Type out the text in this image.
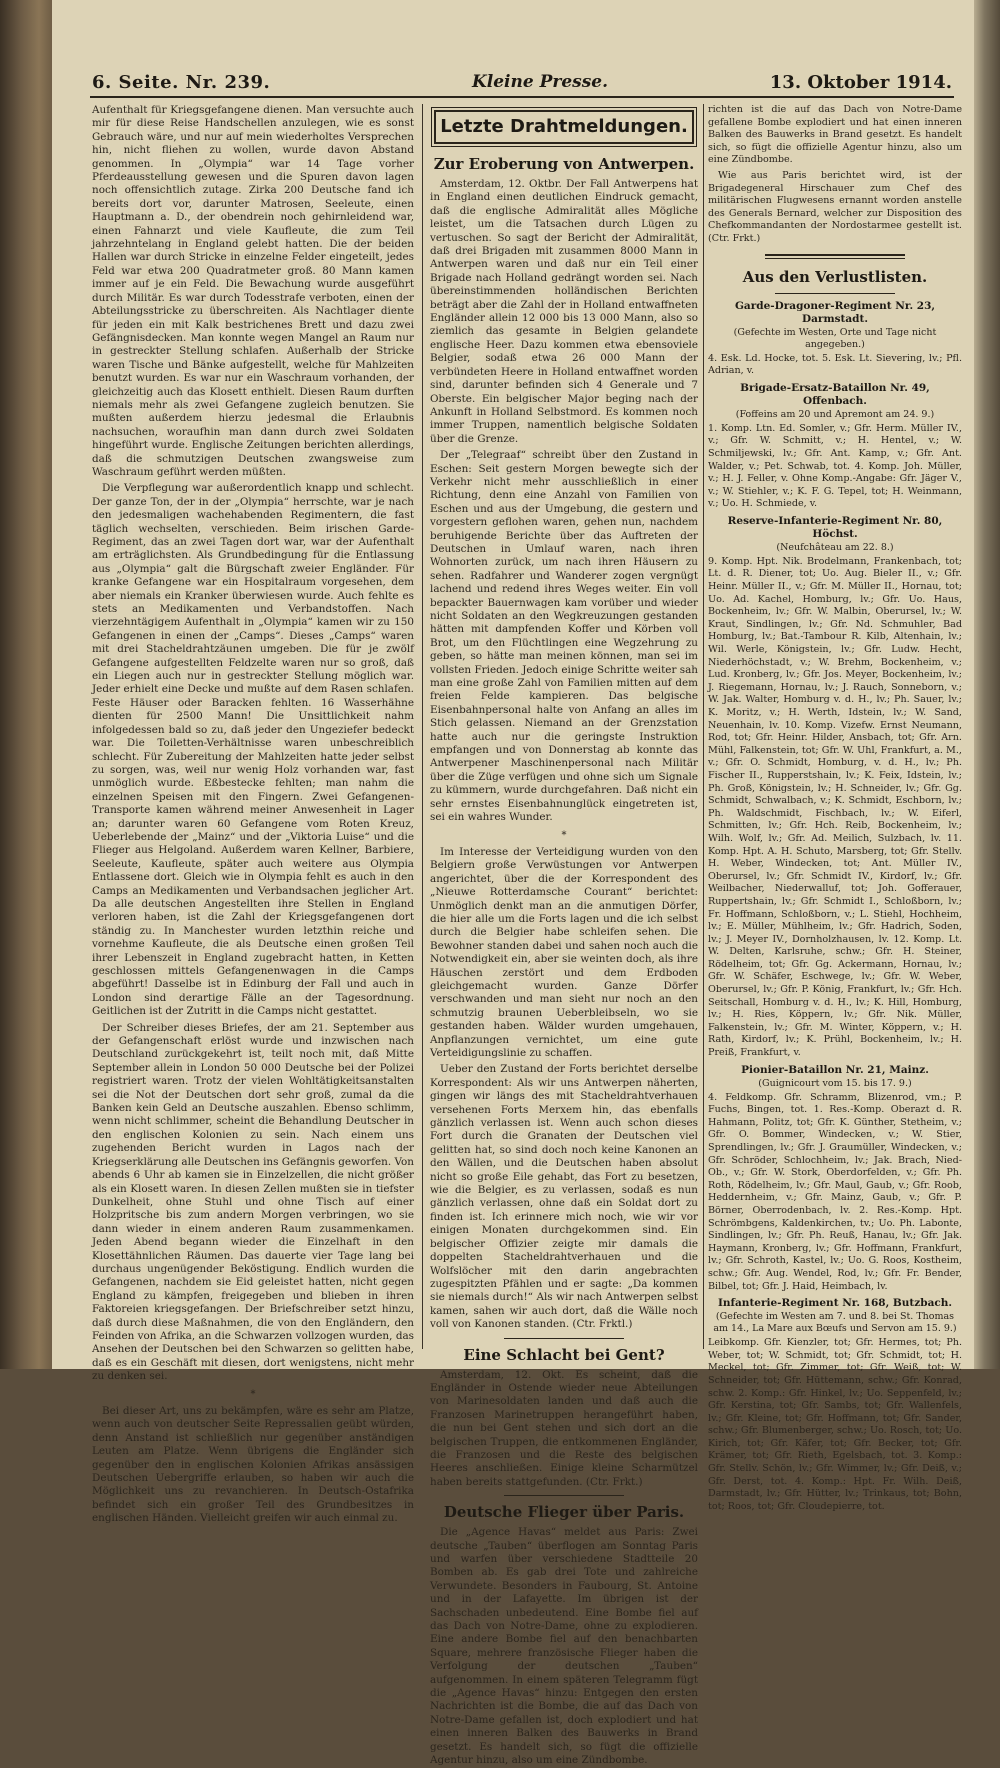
6. Seite. Nr. 239.	Kleine Presse.	13. Oktober 1914.

Aufenthalt für Kriegsgefangene dienen. Man versuchte auch mir für diese Reise Handschellen anzulegen, wie es sonst Gebrauch wäre, und nur auf mein wiederholtes Versprechen hin, nicht fliehen zu wollen, wurde davon Abstand genommen. In „Olympia“ war 14 Tage vorher Pferdeausstellung gewesen und die Spuren davon lagen noch offensichtlich zutage. Zirka 200 Deutsche fand ich bereits dort vor, darunter Matrosen, Seeleute, einen Hauptmann a. D., der obendrein noch gehirnleidend war, einen Fahnarzt und viele Kaufleute, die zum Teil jahrzehntelang in England gelebt hatten. Die der beiden Hallen war durch Stricke in einzelne Felder eingeteilt, jedes Feld war etwa 200 Quadratmeter groß. 80 Mann kamen immer auf je ein Feld. Die Bewachung wurde ausgeführt durch Militär. Es war durch Todesstrafe verboten, einen der Abteilungsstricke zu überschreiten. Als Nachtlager diente für jeden ein mit Kalk bestrichenes Brett und dazu zwei Gefängnisdecken. Man konnte wegen Mangel an Raum nur in gestreckter Stellung schlafen. Außerhalb der Stricke waren Tische und Bänke aufgestellt, welche für Mahlzeiten benutzt wurden. Es war nur ein Waschraum vorhanden, der gleichzeitig auch das Klosett enthielt. Diesen Raum durften niemals mehr als zwei Gefangene zugleich benutzen. Sie mußten außerdem hierzu jedesmal die Erlaubnis nachsuchen, woraufhin man dann durch zwei Soldaten hingeführt wurde. Englische Zeitungen berichten allerdings, daß die schmutzigen Deutschen zwangsweise zum Waschraum geführt werden müßten.

Die Verpflegung war außerordentlich knapp und schlecht. Der ganze Ton, der in der „Olympia“ herrschte, war je nach den jedesmaligen wachehabenden Regimentern, die fast täglich wechselten, verschieden. Beim irischen Garde-Regiment, das an zwei Tagen dort war, war der Aufenthalt am erträglichsten. Als Grundbedingung für die Entlassung aus „Olympia“ galt die Bürgschaft zweier Engländer. Für kranke Gefangene war ein Hospitalraum vorgesehen, dem aber niemals ein Kranker überwiesen wurde. Auch fehlte es stets an Medikamenten und Verbandstoffen. Nach vierzehntägigem Aufenthalt in „Olympia“ kamen wir zu 150 Gefangenen in einen der „Camps“. Dieses „Camps“ waren mit drei Stacheldrahtzäunen umgeben. Die für je zwölf Gefangene aufgestellten Feldzelte waren nur so groß, daß ein Liegen auch nur in gestreckter Stellung möglich war. Jeder erhielt eine Decke und mußte auf dem Rasen schlafen. Feste Häuser oder Baracken fehlten. 16 Wasserhähne dienten für 2500 Mann! Die Unsittlichkeit nahm infolgedessen bald so zu, daß jeder den Ungeziefer bedeckt war. Die Toiletten-Verhältnisse waren unbeschreiblich schlecht. Für Zubereitung der Mahlzeiten hatte jeder selbst zu sorgen, was, weil nur wenig Holz vorhanden war, fast unmöglich wurde. Eßbestecke fehlten; man nahm die einzelnen Speisen mit den Fingern. Zwei Gefangenen-Transporte kamen während meiner Anwesenheit in Lager an; darunter waren 60 Gefangene vom Roten Kreuz, Ueberlebende der „Mainz“ und der „Viktoria Luise“ und die Flieger aus Helgoland. Außerdem waren Kellner, Barbiere, Seeleute, Kaufleute, später auch weitere aus Olympia Entlassene dort. Gleich wie in Olympia fehlt es auch in den Camps an Medikamenten und Verbandsachen jeglicher Art. Da alle deutschen Angestellten ihre Stellen in England verloren haben, ist die Zahl der Kriegsgefangenen dort ständig zu. In Manchester wurden letzthin reiche und vornehme Kaufleute, die als Deutsche einen großen Teil ihrer Lebenszeit in England zugebracht hatten, in Ketten geschlossen mittels Gefangenenwagen in die Camps abgeführt! Dasselbe ist in Edinburg der Fall und auch in London sind derartige Fälle an der Tagesordnung. Geitlichen ist der Zutritt in die Camps nicht gestattet.

Der Schreiber dieses Briefes, der am 21. September aus der Gefangenschaft erlöst wurde und inzwischen nach Deutschland zurückgekehrt ist, teilt noch mit, daß Mitte September allein in London 50 000 Deutsche bei der Polizei registriert waren. Trotz der vielen Wohltätigkeitsanstalten sei die Not der Deutschen dort sehr groß, zumal da die Banken kein Geld an Deutsche auszahlen. Ebenso schlimm, wenn nicht schlimmer, scheint die Behandlung Deutscher in den englischen Kolonien zu sein. Nach einem uns zugehenden Bericht wurden in Lagos nach der Kriegserklärung alle Deutschen ins Gefängnis geworfen. Von abends 6 Uhr ab kamen sie in Einzelzellen, die nicht größer als ein Klosett waren. In diesen Zellen mußten sie in tiefster Dunkelheit, ohne Stuhl und ohne Tisch auf einer Holzpritsche bis zum andern Morgen verbringen, wo sie dann wieder in einem anderen Raum zusammenkamen. Jeden Abend begann wieder die Einzelhaft in den Klosettähnlichen Räumen. Das dauerte vier Tage lang bei durchaus ungenügender Beköstigung. Endlich wurden die Gefangenen, nachdem sie Eid geleistet hatten, nicht gegen England zu kämpfen, freigegeben und blieben in ihren Faktoreien kriegsgefangen. Der Briefschreiber setzt hinzu, daß durch diese Maßnahmen, die von den Engländern, den Feinden von Afrika, an die Schwarzen vollzogen wurden, das Ansehen der Deutschen bei den Schwarzen so gelitten habe, daß es ein Geschäft mit diesen, dort wenigstens, nicht mehr zu denken sei.

*

Bei dieser Art, uns zu bekämpfen, wäre es sehr am Platze, wenn auch von deutscher Seite Repressalien geübt würden, denn Anstand ist schließlich nur gegenüber anständigen Leuten am Platze. Wenn übrigens die Engländer sich gegenüber den in englischen Kolonien Afrikas ansässigen Deutschen Uebergriffe erlauben, so haben wir auch die Möglichkeit uns zu revanchieren. In Deutsch-Ostafrika befindet sich ein großer Teil des Grundbesitzes in englischen Händen. Vielleicht greifen wir auch einmal zu.

Letzte Drahtmeldungen.
Zur Eroberung von Antwerpen.

Amsterdam, 12. Oktbr. Der Fall Antwerpens hat in England einen deutlichen Eindruck gemacht, daß die englische Admiralität alles Mögliche leistet, um die Tatsachen durch Lügen zu vertuschen. So sagt der Bericht der Admiralität, daß drei Brigaden mit zusammen 8000 Mann in Antwerpen waren und daß nur ein Teil einer Brigade nach Holland gedrängt worden sei. Nach übereinstimmenden holländischen Berichten beträgt aber die Zahl der in Holland entwaffneten Engländer allein 12 000 bis 13 000 Mann, also so ziemlich das gesamte in Belgien gelandete englische Heer. Dazu kommen etwa ebensoviele Belgier, sodaß etwa 26 000 Mann der verbündeten Heere in Holland entwaffnet worden sind, darunter befinden sich 4 Generale und 7 Oberste. Ein belgischer Major beging nach der Ankunft in Holland Selbstmord. Es kommen noch immer Truppen, namentlich belgische Soldaten über die Grenze.

Der „Telegraaf“ schreibt über den Zustand in Eschen: Seit gestern Morgen bewegte sich der Verkehr nicht mehr ausschließlich in einer Richtung, denn eine Anzahl von Familien von Eschen und aus der Umgebung, die gestern und vorgestern geflohen waren, gehen nun, nachdem beruhigende Berichte über das Auftreten der Deutschen in Umlauf waren, nach ihren Wohnorten zurück, um nach ihren Häusern zu sehen. Radfahrer und Wanderer zogen vergnügt lachend und redend ihres Weges weiter. Ein voll bepackter Bauernwagen kam vorüber und wieder nicht Soldaten an den Wegkreuzungen gestanden hätten mit dampfenden Koffer und Körben voll Brot, um den Flüchtlingen eine Wegzehrung zu geben, so hätte man meinen können, man sei im vollsten Frieden. Jedoch einige Schritte weiter sah man eine große Zahl von Familien mitten auf dem freien Felde kampieren. Das belgische Eisenbahnpersonal halte von Anfang an alles im Stich gelassen. Niemand an der Grenzstation hatte auch nur die geringste Instruktion empfangen und von Donnerstag ab konnte das Antwerpener Maschinenpersonal nach Militär über die Züge verfügen und ohne sich um Signale zu kümmern, wurde durchgefahren. Daß nicht ein sehr ernstes Eisenbahnunglück eingetreten ist, sei ein wahres Wunder.

*

Im Interesse der Verteidigung wurden von den Belgiern große Verwüstungen vor Antwerpen angerichtet, über die der Korrespondent des „Nieuwe Rotterdamsche Courant“ berichtet: Unmöglich denkt man an die anmutigen Dörfer, die hier alle um die Forts lagen und die ich selbst durch die Belgier habe schleifen sehen. Die Bewohner standen dabei und sahen noch auch die Notwendigkeit ein, aber sie weinten doch, als ihre Häuschen zerstört und dem Erdboden gleichgemacht wurden. Ganze Dörfer verschwanden und man sieht nur noch an den schmutzig braunen Ueberbleibseln, wo sie gestanden haben. Wälder wurden umgehauen, Anpflanzungen vernichtet, um eine gute Verteidigungslinie zu schaffen.

Ueber den Zustand der Forts berichtet derselbe Korrespondent: Als wir uns Antwerpen näherten, gingen wir längs des mit Stacheldrahtverhauen versehenen Forts Merxem hin, das ebenfalls gänzlich verlassen ist. Wenn auch schon dieses Fort durch die Granaten der Deutschen viel gelitten hat, so sind doch noch keine Kanonen an den Wällen, und die Deutschen haben absolut nicht so große Eile gehabt, das Fort zu besetzen, wie die Belgier, es zu verlassen, sodaß es nun gänzlich verlassen, ohne daß ein Soldat dort zu finden ist. Ich erinnere mich noch, wie wir vor einigen Monaten durchgekommen sind. Ein belgischer Offizier zeigte mir damals die doppelten Stacheldrahtverhauen und die Wolfslöcher mit den darin angebrachten zugespitzten Pfählen und er sagte: „Da kommen sie niemals durch!“ Als wir nach Antwerpen selbst kamen, sahen wir auch dort, daß die Wälle noch voll von Kanonen standen. (Ctr. Frktl.)

Eine Schlacht bei Gent?

Amsterdam, 12. Okt. Es scheint, daß die Engländer in Ostende wieder neue Abteilungen von Marinesoldaten landen und daß auch die Franzosen Marinetruppen herangeführt haben, die nun bei Gent stehen und sich dort an die belgischen Truppen, die entkommenen Engländer, die Franzosen und die Reste des belgischen Heeres anschließen. Einige kleine Scharmützel haben bereits stattgefunden. (Ctr. Frkt.)

Deutsche Flieger über Paris.

Die „Agence Havas“ meldet aus Paris: Zwei deutsche „Tauben“ überflogen am Sonntag Paris und warfen über verschiedene Stadtteile 20 Bomben ab. Es gab drei Tote und zahlreiche Verwundete. Besonders in Faubourg, St. Antoine und in der Lafayette. Im übrigen ist der Sachschaden unbedeutend. Eine Bombe fiel auf das Dach von Notre-Dame, ohne zu explodieren. Eine andere Bombe fiel auf den benachbarten Square, mehrere französische Flieger haben die Verfolgung der deutschen „Tauben“ aufgenommen. In einem späteren Telegramm fügt die „Agence Havas“ hinzu: Entgegen den ersten Nachrichten ist die Bombe, die auf das Dach von Notre-Dame gefallen ist, doch explodiert und hat einen inneren Balken des Bauwerks in Brand gesetzt. Es handelt sich, so fügt die offizielle Agentur hinzu, also um eine Zündbombe.

richten ist die auf das Dach von Notre-Dame gefallene Bombe explodiert und hat einen inneren Balken des Bauwerks in Brand gesetzt. Es handelt sich, so fügt die offizielle Agentur hinzu, also um eine Zündbombe.

Wie aus Paris berichtet wird, ist der Brigadegeneral Hirschauer zum Chef des militärischen Flugwesens ernannt worden anstelle des Generals Bernard, welcher zur Disposition des Chefkommandanten der Nordostarmee gestellt ist. (Ctr. Frkt.)

Aus den Verlustlisten.
Garde-Dragoner-Regiment Nr. 23, Darmstadt.
(Gefechte im Westen, Orte und Tage nicht angegeben.)

4. Esk. Ld. Hocke, tot. 5. Esk. Lt. Sievering, lv.; Pfl. Adrian, v.

Brigade-Ersatz-Bataillon Nr. 49, Offenbach.
(Foffeins am 20 und Apremont am 24. 9.)

1. Komp. Ltn. Ed. Somler, v.; Gfr. Herm. Müller IV., v.; Gfr. W. Schmitt, v.; H. Hentel, v.; W. Schmiljewski, lv.; Gfr. Ant. Kamp, v.; Gfr. Ant. Walder, v.; Pet. Schwab, tot. 4. Komp. Joh. Müller, v.; H. J. Feller, v. Ohne Komp.-Angabe: Gfr. Jäger V., v.; W. Stiehler, v.; K. F. G. Tepel, tot; H. Weinmann, v.; Uo. H. Schmiede, v.

Reserve-Infanterie-Regiment Nr. 80, Höchst.
(Neufchâteau am 22. 8.)

9. Komp. Hpt. Nik. Brodelmann, Frankenbach, tot; Lt. d. R. Diener, tot; Uo. Aug. Bieler II., v.; Gfr. Heinr. Müller II., v.; Gfr. M. Müller II., Hornau, tot; Uo. Ad. Kachel, Homburg, lv.; Gfr. Uo. Haus, Bockenheim, lv.; Gfr. W. Malbin, Oberursel, lv.; W. Kraut, Sindlingen, lv.; Gfr. Nd. Schmuhler, Bad Homburg, lv.; Bat.-Tambour R. Kilb, Altenhain, lv.; Wil. Werle, Königstein, lv.; Gfr. Ludw. Hecht, Niederhöchstadt, v.; W. Brehm, Bockenheim, v.; Lud. Kronberg, lv.; Gfr. Jos. Meyer, Bockenheim, lv.; J. Riegemann, Hornau, lv.; J. Rauch, Sonneborn, v.; W. Jak. Walter, Homburg v. d. H., lv.; Ph. Sauer, lv.; K. Moritz, v.; H. Werth, Idstein, lv.; W. Sand, Neuenhain, lv. 10. Komp. Vizefw. Ernst Neumann, Rod, tot; Gfr. Heinr. Hilder, Ansbach, tot; Gfr. Arn. Mühl, Falkenstein, tot; Gfr. W. Uhl, Frankfurt, a. M., v.; Gfr. O. Schmidt, Homburg, v. d. H., lv.; Ph. Fischer II., Rupperstshain, lv.; K. Feix, Idstein, lv.; Ph. Groß, Königstein, lv.; H. Schneider, lv.; Gfr. Gg. Schmidt, Schwalbach, v.; K. Schmidt, Eschborn, lv.; Ph. Waldschmidt, Fischbach, lv.; W. Eiferl, Schmitten, lv.; Gfr. Hch. Reib, Bockenheim, lv.; Wilh. Wolf, lv.; Gfr. Ad. Meilich, Sulzbach, lv. 11. Komp. Hpt. A. H. Schuto, Marsberg, tot; Gfr. Stellv. H. Weber, Windecken, tot; Ant. Müller IV., Oberursel, lv.; Gfr. Schmidt IV., Kirdorf, lv.; Gfr. Weilbacher, Niederwalluf, tot; Joh. Gofferauer, Ruppertshain, lv.; Gfr. Schmidt I., Schloßborn, lv.; Fr. Hoffmann, Schloßborn, v.; L. Stiehl, Hochheim, lv.; E. Müller, Mühlheim, lv.; Gfr. Hadrich, Soden, lv.; J. Meyer IV., Dornholzhausen, lv. 12. Komp. Lt. W. Delten, Karlsruhe, schw.; Gfr. H. Steiner, Rödelheim, tot; Gfr. Gg. Ackermann, Hornau, lv.; Gfr. W. Schäfer, Eschwege, lv.; Gfr. W. Weber, Oberursel, lv.; Gfr. P. König, Frankfurt, lv.; Gfr. Hch. Seitschall, Homburg v. d. H., lv.; K. Hill, Homburg, lv.; H. Ries, Köppern, lv.; Gfr. Nik. Müller, Falkenstein, lv.; Gfr. M. Winter, Köppern, v.; H. Rath, Kirdorf, lv.; K. Prühl, Bockenheim, lv.; H. Preiß, Frankfurt, v.

Pionier-Bataillon Nr. 21, Mainz.
(Guignicourt vom 15. bis 17. 9.)

4. Feldkomp. Gfr. Schramm, Blizenrod, vm.; P. Fuchs, Bingen, tot. 1. Res.-Komp. Oberazt d. R. Hahmann, Politz, tot; Gfr. K. Günther, Stetheim, v.; Gfr. O. Bommer, Windecken, v.; W. Stier, Sprendlingen, lv.; Gfr. J. Graumüller, Windecken, v.; Gfr. Schröder, Schlochheim, lv.; Jak. Brach, Nied-Ob., v.; Gfr. W. Stork, Oberdorfelden, v.; Gfr. Ph. Roth, Rödelheim, lv.; Gfr. Maul, Gaub, v.; Gfr. Roob, Heddernheim, v.; Gfr. Mainz, Gaub, v.; Gfr. P. Börner, Oberrodenbach, lv. 2. Res.-Komp. Hpt. Schrömbgens, Kaldenkirchen, tv.; Uo. Ph. Labonte, Sindlingen, lv.; Gfr. Ph. Reuß, Hanau, lv.; Gfr. Jak. Haymann, Kronberg, lv.; Gfr. Hoffmann, Frankfurt, lv.; Gfr. Schroth, Kastel, lv.; Uo. G. Roos, Kostheim, schw.; Gfr. Aug. Wendel, Rod, lv.; Gfr. Fr. Bender, Bilbel, tot; Gfr. J. Haid, Heimbach, lv.

Infanterie-Regiment Nr. 168, Butzbach.
(Gefechte im Westen am 7. und 8. bei St. Thomas am 14., La Mare aux Bœufs und Servon am 15. 9.)

Leibkomp. Gfr. Kienzler, tot; Gfr. Hermes, tot; Ph. Weber, tot; W. Schmidt, tot; Gfr. Schmidt, tot; H. Meckel, tot; Gfr. Zimmer, tot; Gfr. Weiß, tot; W. Schneider, tot; Gfr. Hüttemann, schw.; Gfr. Konrad, schw. 2. Komp.: Gfr. Hinkel, lv.; Uo. Seppenfeld, lv.; Gfr. Kerstina, tot; Gfr. Sambs, tot; Gfr. Wallenfels, lv.; Gfr. Kleine, tot; Gfr. Hoffmann, tot; Gfr. Sander, schw.; Gfr. Blumenberger, schw.; Uo. Rosch, tot; Uo. Kirich, tot; Gfr. Käfer, tot; Gfr. Becker, tot; Gfr. Krämer, tot; Gfr. Rieth, Egelsbach, tot. 3. Komp.: Gfr. Stellv. Schön, lv.; Gfr. Wimmer, lv.; Gfr. Deiß, v.; Gfr. Derst, tot. 4. Komp.: Hpt. Fr. Wilh. Deiß, Darmstadt, lv.; Gfr. Hütter, lv.; Trinkaus, tot; Bohn, tot; Roos, tot; Gfr. Cloudepierre, tot.
